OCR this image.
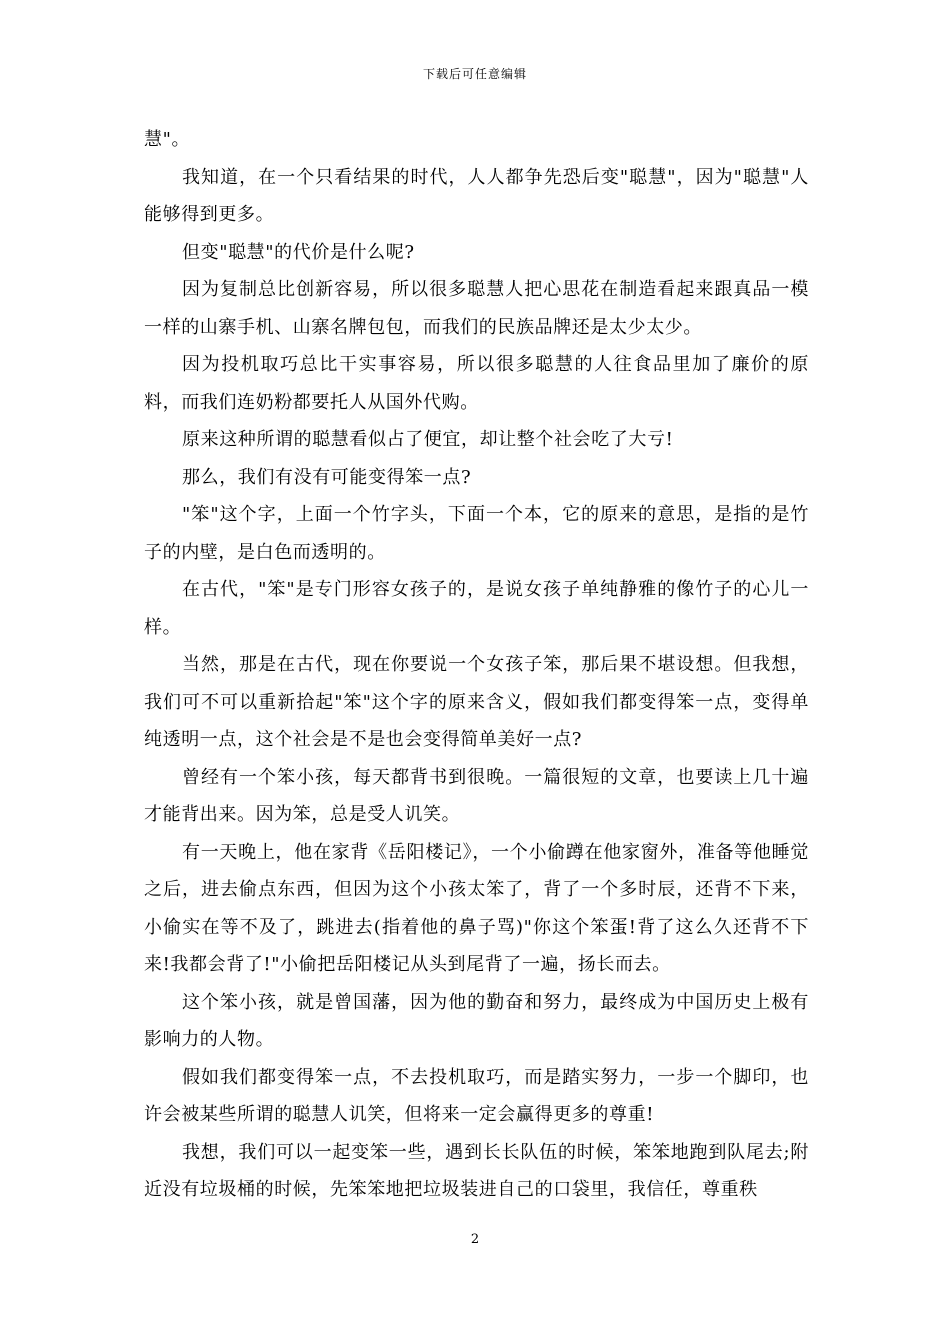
下载后可任意编辑

慧"。

我知道，在一个只看结果的时代，人人都争先恐后变"聪慧"，因为"聪慧"人能够得到更多。

但变"聪慧"的代价是什么呢?

因为复制总比创新容易，所以很多聪慧人把心思花在制造看起来跟真品一模一样的山寨手机、山寨名牌包包，而我们的民族品牌还是太少太少。

因为投机取巧总比干实事容易，所以很多聪慧的人往食品里加了廉价的原料，而我们连奶粉都要托人从国外代购。

原来这种所谓的聪慧看似占了便宜，却让整个社会吃了大亏!

那么，我们有没有可能变得笨一点?

"笨"这个字，上面一个竹字头，下面一个本，它的原来的意思，是指的是竹子的内壁，是白色而透明的。

在古代，"笨"是专门形容女孩子的，是说女孩子单纯静雅的像竹子的心儿一样。

当然，那是在古代，现在你要说一个女孩子笨，那后果不堪设想。但我想，我们可不可以重新拾起"笨"这个字的原来含义，假如我们都变得笨一点，变得单纯透明一点，这个社会是不是也会变得简单美好一点?

曾经有一个笨小孩，每天都背书到很晚。一篇很短的文章，也要读上几十遍才能背出来。因为笨，总是受人讥笑。

有一天晚上，他在家背《岳阳楼记》，一个小偷蹲在他家窗外，准备等他睡觉之后，进去偷点东西，但因为这个小孩太笨了，背了一个多时辰，还背不下来，小偷实在等不及了，跳进去(指着他的鼻子骂)"你这个笨蛋!背了这么久还背不下来!我都会背了!"小偷把岳阳楼记从头到尾背了一遍，扬长而去。

这个笨小孩，就是曾国藩，因为他的勤奋和努力，最终成为中国历史上极有影响力的人物。

假如我们都变得笨一点，不去投机取巧，而是踏实努力，一步一个脚印，也许会被某些所谓的聪慧人讥笑，但将来一定会赢得更多的尊重!

我想，我们可以一起变笨一些，遇到长长队伍的时候，笨笨地跑到队尾去;附近没有垃圾桶的时候，先笨笨地把垃圾装进自己的口袋里，我信任，尊重秩

2
